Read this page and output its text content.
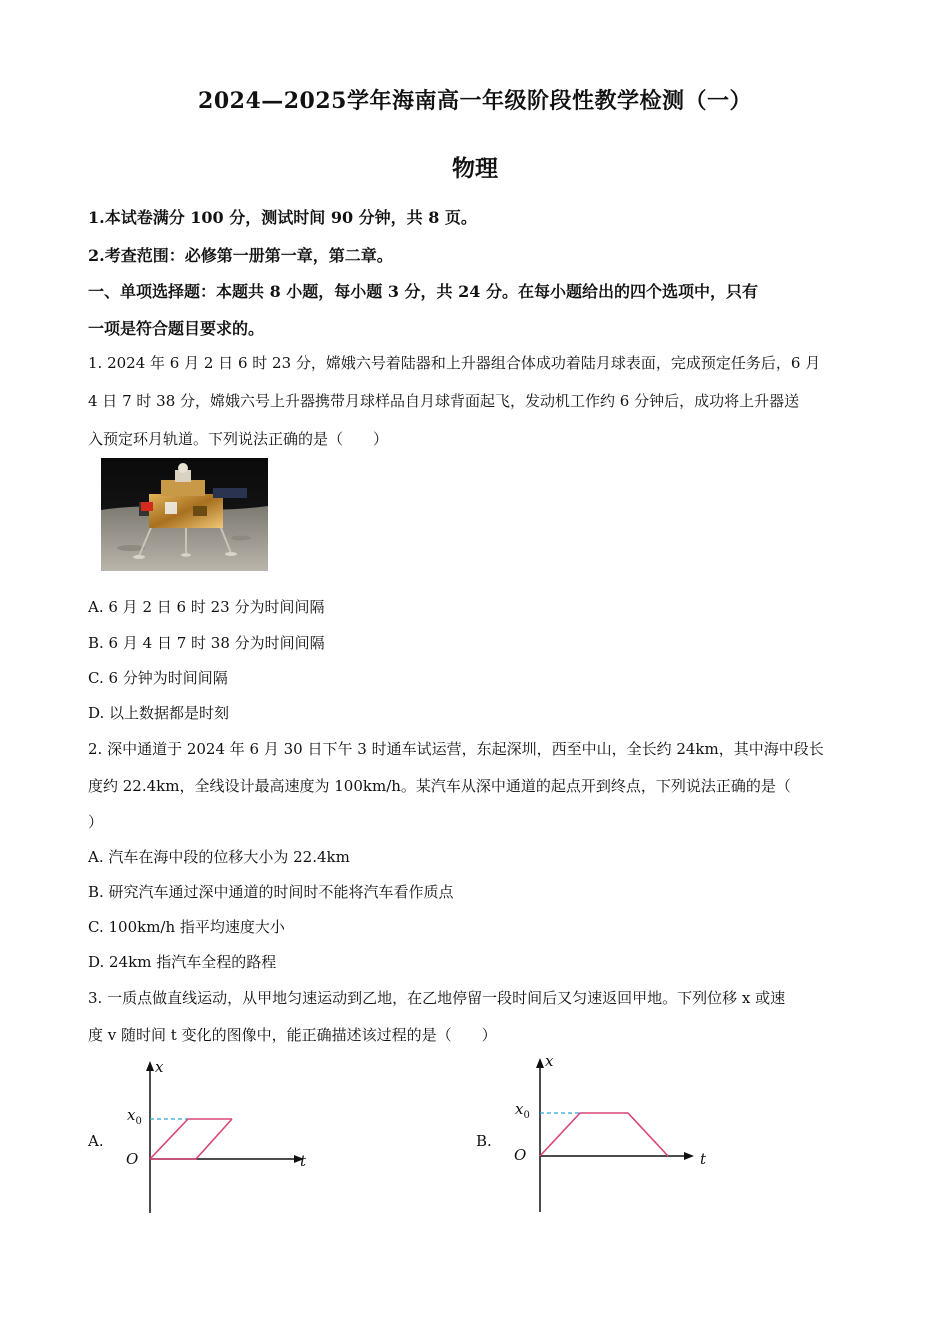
2024—2025学年海南高一年级阶段性教学检测（一）
物理
1.本试卷满分 100 分，测试时间 90 分钟，共 8 页。
2.考查范围：必修第一册第一章，第二章。
一、单项选择题：本题共 8 小题，每小题 3 分，共 24 分。在每小题给出的四个选项中，只有
一项是符合题目要求的。
1. 2024 年 6 月 2 日 6 时 23 分，嫦娥六号着陆器和上升器组合体成功着陆月球表面，完成预定任务后，6 月
4 日 7 时 38 分，嫦娥六号上升器携带月球样品自月球背面起飞，发动机工作约 6 分钟后，成功将上升器送
入预定环月轨道。下列说法正确的是（　　）
A. 6 月 2 日 6 时 23 分为时间间隔
B. 6 月 4 日 7 时 38 分为时间间隔
C. 6 分钟为时间间隔
D. 以上数据都是时刻
2. 深中通道于 2024 年 6 月 30 日下午 3 时通车试运营，东起深圳，西至中山，全长约 24km，其中海中段长
度约 22.4km，全线设计最高速度为 100km/h。某汽车从深中通道的起点开到终点，下列说法正确的是（
）
A. 汽车在海中段的位移大小为 22.4km
B. 研究汽车通过深中通道的时间时不能将汽车看作质点
C. 100km/h 指平均速度大小
D. 24km 指汽车全程的路程
3. 一质点做直线运动，从甲地匀速运动到乙地，在乙地停留一段时间后又匀速返回甲地。下列位移 x 或速
度 v 随时间 t 变化的图像中，能正确描述该过程的是（　　）
A.
x
t
O
$x_0$
B.
x
t
O
$x_0$
